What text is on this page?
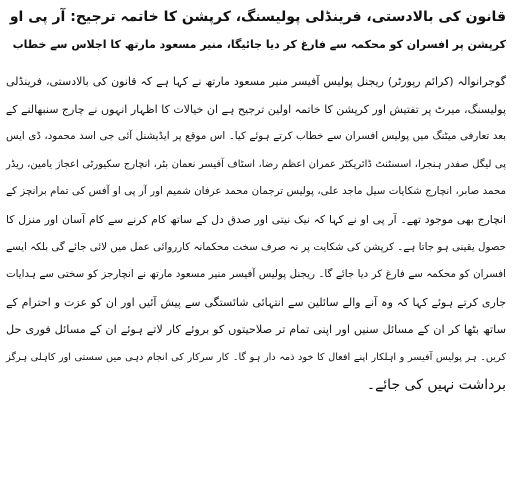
قانون کی بالادستی، فرینڈلی پولیسنگ، کرپشن کا خاتمہ ترجیح: آر پی او
کرپشن پر افسران کو محکمہ سے فارغ کر دیا جائیگا، منیر مسعود مارتھ کا اجلاس سے خطاب

گوجرانوالہ (کرائم رپورٹر) ریجنل پولیس آفیسر منیر مسعود مارتھ نے کہا ہے کہ قانون کی بالادستی، فرینڈلی

پولیسنگ، میرٹ پر تفتیش اور کرپشن کا خاتمہ اولین ترجیح ہے ان خیالات کا اظہار انہوں نے چارج سنبھالنے کے

بعد تعارفی میٹنگ میں پولیس افسران سے خطاب کرتے ہوئے کیا۔ اس موقع پر ایڈیشنل آئی جی اسد محمود، ڈی ایس

پی لیگل صفدر ہنجرا، اسسٹنٹ ڈائریکٹر عمران اعظم رضا، اسٹاف آفیسر نعمان بٹر، انچارج سکیورٹی اعجاز یامین، ریڈر

محمد صابر، انچارج شکایات سیل ماجد علی، پولیس ترجمان محمد عرفان شمیم اور آر پی او آفس کی تمام برانچز کے

انچارج بھی موجود تھے۔ آر پی او نے کہا کہ نیک نیتی اور صدق دل کے ساتھ کام کرنے سے کام آسان اور منزل کا

حصول یقینی ہو جاتا ہے۔ کرپشن کی شکایت پر نہ صرف سخت محکمانہ کارروائی عمل میں لائی جائے گی بلکہ ایسے

افسران کو محکمہ سے فارغ کر دیا جائے گا۔ ریجنل پولیس آفیسر منیر مسعود مارتھ نے انچارجز کو سختی سے ہدایات

جاری کرتے ہوئے کہا کہ وہ آنے والے سائلین سے انتہائی شائستگی سے پیش آئیں اور ان کو عزت و احترام کے

ساتھ بٹھا کر ان کے مسائل سنیں اور اپنی تمام تر صلاحیتوں کو بروئے کار لاتے ہوئے ان کے مسائل فوری حل

کریں۔ ہر پولیس آفیسر و اہلکار اپنے افعال کا خود ذمہ دار ہو گا۔ کار سرکار کی انجام دہی میں سستی اور کاہلی ہرگز

برداشت نہیں کی جائے۔
